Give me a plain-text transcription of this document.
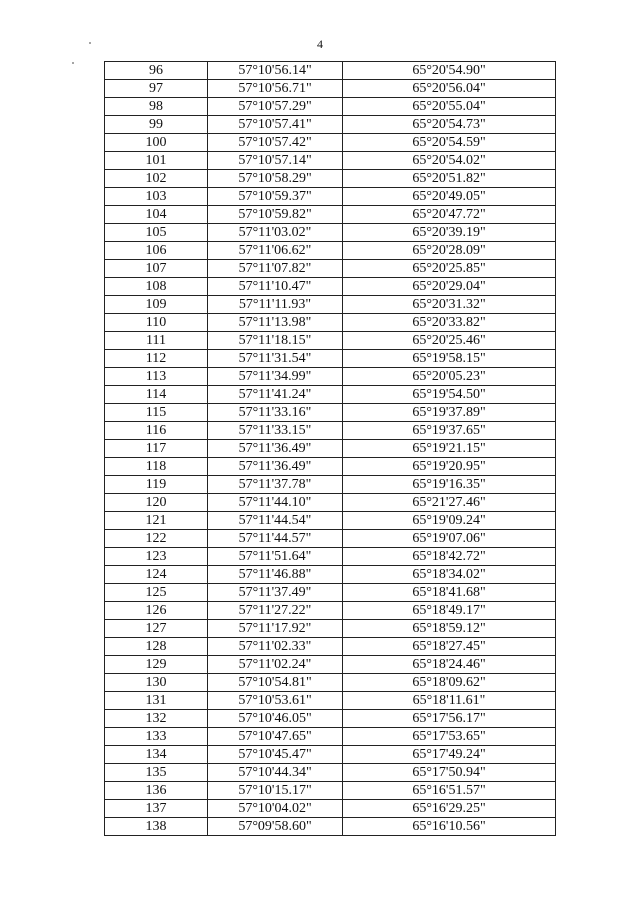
4
96	57°10'56.14"	65°20'54.90"
97	57°10'56.71"	65°20'56.04"
98	57°10'57.29"	65°20'55.04"
99	57°10'57.41"	65°20'54.73"
100	57°10'57.42"	65°20'54.59"
101	57°10'57.14"	65°20'54.02"
102	57°10'58.29"	65°20'51.82"
103	57°10'59.37"	65°20'49.05"
104	57°10'59.82"	65°20'47.72"
105	57°11'03.02"	65°20'39.19"
106	57°11'06.62"	65°20'28.09"
107	57°11'07.82"	65°20'25.85"
108	57°11'10.47"	65°20'29.04"
109	57°11'11.93"	65°20'31.32"
110	57°11'13.98"	65°20'33.82"
111	57°11'18.15"	65°20'25.46"
112	57°11'31.54"	65°19'58.15"
113	57°11'34.99"	65°20'05.23"
114	57°11'41.24"	65°19'54.50"
115	57°11'33.16"	65°19'37.89"
116	57°11'33.15"	65°19'37.65"
117	57°11'36.49"	65°19'21.15"
118	57°11'36.49"	65°19'20.95"
119	57°11'37.78"	65°19'16.35"
120	57°11'44.10"	65°21'27.46"
121	57°11'44.54"	65°19'09.24"
122	57°11'44.57"	65°19'07.06"
123	57°11'51.64"	65°18'42.72"
124	57°11'46.88"	65°18'34.02"
125	57°11'37.49"	65°18'41.68"
126	57°11'27.22"	65°18'49.17"
127	57°11'17.92"	65°18'59.12"
128	57°11'02.33"	65°18'27.45"
129	57°11'02.24"	65°18'24.46"
130	57°10'54.81"	65°18'09.62"
131	57°10'53.61"	65°18'11.61"
132	57°10'46.05"	65°17'56.17"
133	57°10'47.65"	65°17'53.65"
134	57°10'45.47"	65°17'49.24"
135	57°10'44.34"	65°17'50.94"
136	57°10'15.17"	65°16'51.57"
137	57°10'04.02"	65°16'29.25"
138	57°09'58.60"	65°16'10.56"
